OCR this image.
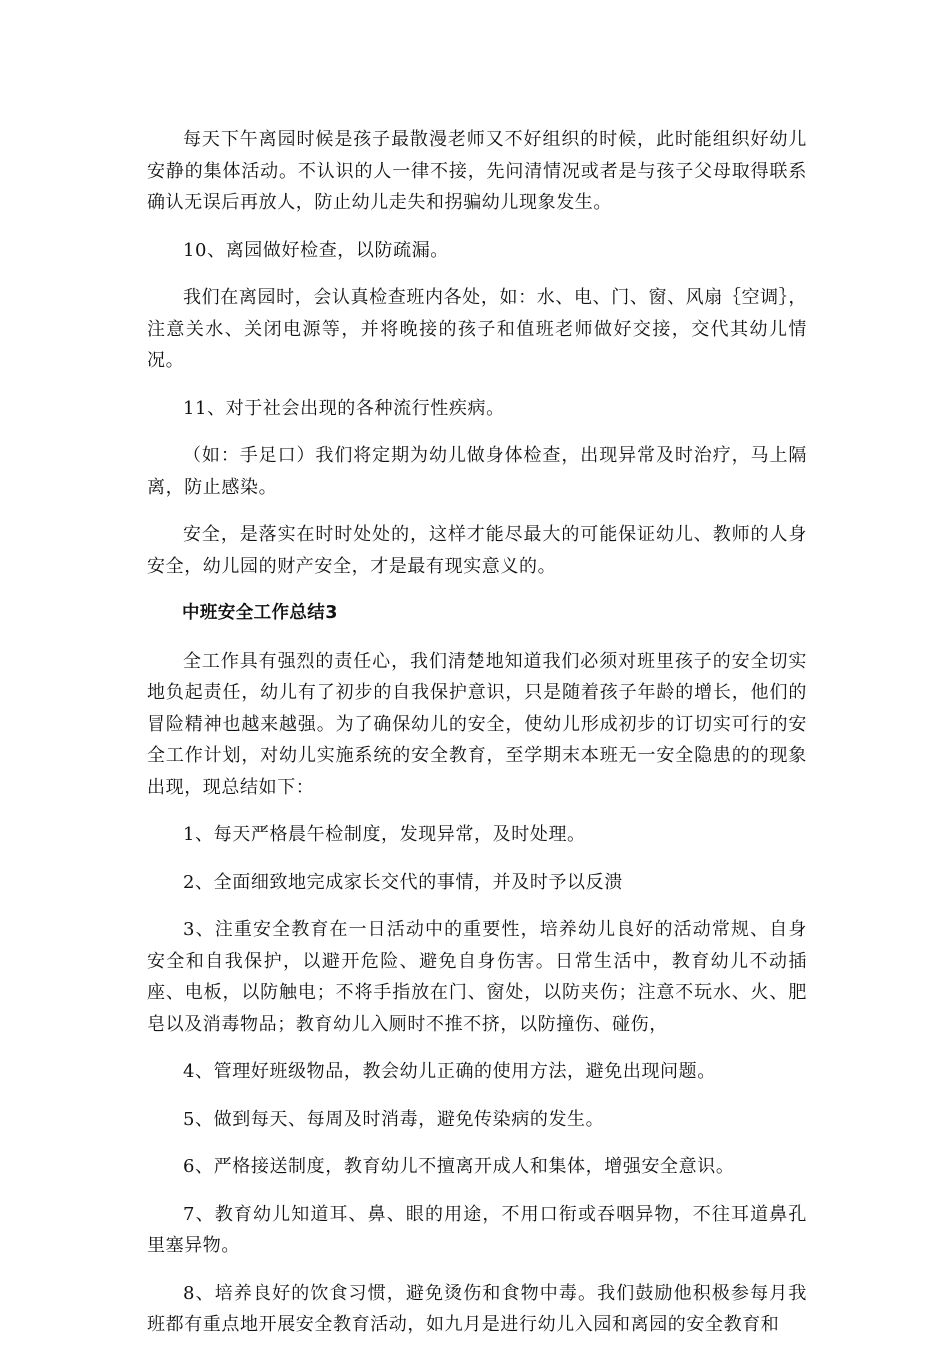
每天下午离园时候是孩子最散漫老师又不好组织的时候，此时能组织好幼儿安静的集体活动。不认识的人一律不接，先问清情况或者是与孩子父母取得联系确认无误后再放人，防止幼儿走失和拐骗幼儿现象发生。

10、离园做好检查，以防疏漏。

我们在离园时，会认真检查班内各处，如：水、电、门、窗、风扇｛空调｝，注意关水、关闭电源等，并将晚接的孩子和值班老师做好交接，交代其幼儿情况。

11、对于社会出现的各种流行性疾病。

（如：手足口）我们将定期为幼儿做身体检查，出现异常及时治疗，马上隔离，防止感染。

安全，是落实在时时处处的，这样才能尽最大的可能保证幼儿、教师的人身安全，幼儿园的财产安全，才是最有现实意义的。

中班安全工作总结3

全工作具有强烈的责任心，我们清楚地知道我们必须对班里孩子的安全切实地负起责任，幼儿有了初步的自我保护意识，只是随着孩子年龄的增长，他们的冒险精神也越来越强。为了确保幼儿的安全，使幼儿形成初步的订切实可行的安全工作计划，对幼儿实施系统的安全教育，至学期末本班无一安全隐患的的现象出现，现总结如下：

1、每天严格晨午检制度，发现异常，及时处理。

2、全面细致地完成家长交代的事情，并及时予以反溃

3、注重安全教育在一日活动中的重要性，培养幼儿良好的活动常规、自身安全和自我保护，以避开危险、避免自身伤害。日常生活中，教育幼儿不动插座、电板，以防触电；不将手指放在门、窗处，以防夹伤；注意不玩水、火、肥皂以及消毒物品；教育幼儿入厕时不推不挤，以防撞伤、碰伤，

4、管理好班级物品，教会幼儿正确的使用方法，避免出现问题。

5、做到每天、每周及时消毒，避免传染病的发生。

6、严格接送制度，教育幼儿不擅离开成人和集体，增强安全意识。

7、教育幼儿知道耳、鼻、眼的用途，不用口衔或吞咽异物，不往耳道鼻孔里塞异物。

8、培养良好的饮食习惯，避免烫伤和食物中毒。我们鼓励他积极参每月我班都有重点地开展安全教育活动，如九月是进行幼儿入园和离园的安全教育和
